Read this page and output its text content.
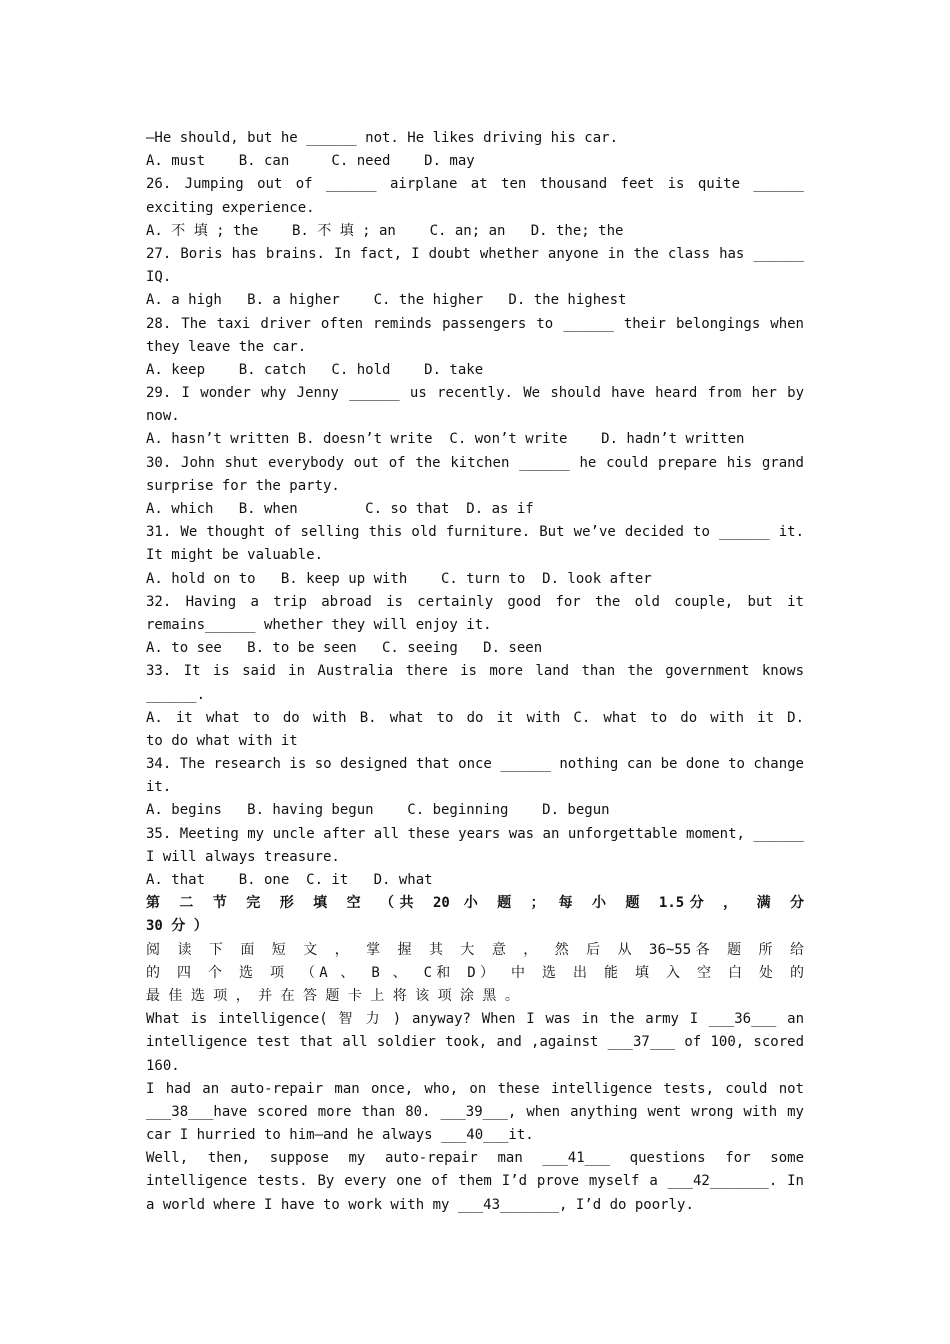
—He should, but he ______ not. He likes driving his car.
A. must    B. can     C. need    D. may
26. Jumping out of ______ airplane at ten thousand feet is quite ______
exciting experience.
A. 不 填 ; the    B. 不 填 ; an    C. an; an   D. the; the
27. Boris has brains. In fact, I doubt whether anyone in the class has ______
IQ.
A. a high   B. a higher    C. the higher   D. the highest
28. The taxi driver often reminds passengers to ______ their belongings when
they leave the car.
A. keep    B. catch   C. hold    D. take
29. I wonder why Jenny ______ us recently. We should have heard from her by
now.
A. hasn’t written B. doesn’t write  C. won’t write    D. hadn’t written
30. John shut everybody out of the kitchen ______ he could prepare his grand
surprise for the party.
A. which   B. when        C. so that  D. as if
31. We thought of selling this old furniture. But we’ve decided to ______ it.
It might be valuable.
A. hold on to   B. keep up with    C. turn to  D. look after
32. Having a trip abroad is certainly good for the old couple, but it
remains______ whether they will enjoy it.
A. to see   B. to be seen   C. seeing   D. seen
33. It is said in Australia there is more land than the government knows
______.
A. it what to do with B. what to do it with C. what to do with it D.
to do what with it
34. The research is so designed that once ______ nothing can be done to change
it.
A. begins   B. having begun    C. beginning    D. begun
35. Meeting my uncle after all these years was an unforgettable moment, ______
I will always treasure.
A. that    B. one  C. it   D. what
第 二 节 完 形 填 空 （共 20 小 题 ； 每 小 题 1.5分 ， 满 分
30 分 ）
阅 读 下 面 短 文 ， 掌 握 其 大 意 ， 然 后 从 36~55各 题 所 给
的 四 个 选 项 （A 、 B 、 C和 D） 中 选 出 能 填 入 空 白 处 的
最 佳 选 项 ， 并 在 答 题 卡 上 将 该 项 涂 黑 。
What is intelligence( 智 力 ) anyway? When I was in the army I ___36___ an
intelligence test that all soldier took, and ,against ___37___ of 100, scored
160.
I had an auto-repair man once, who, on these intelligence tests, could not
___38___have scored more than 80. ___39___, when anything went wrong with my
car I hurried to him—and he always ___40___it.
Well, then, suppose my auto-repair man ___41___ questions for some
intelligence tests. By every one of them I’d prove myself a ___42_______. In
a world where I have to work with my ___43_______, I’d do poorly.
